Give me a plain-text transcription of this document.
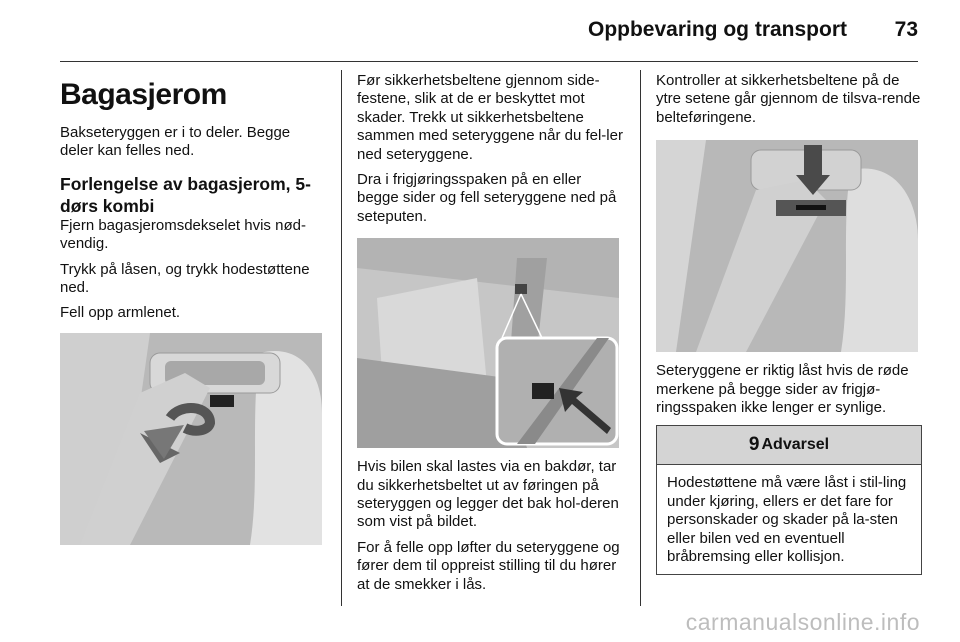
Oppbevaring og transport 73
Bagasjerom

Bakseteryggen er i to deler. Begge deler kan felles ned.

Forlengelse av bagasjerom, 5-dørs kombi

Fjern bagasjeromsdekselet hvis nød-vendig.

Trykk på låsen, og trykk hodestøttene ned.

Fell opp armlenet.

Før sikkerhetsbeltene gjennom side-festene, slik at de er beskyttet mot skader. Trekk ut sikkerhetsbeltene sammen med seteryggene når du fel-ler ned seteryggene.

Dra i frigjøringsspaken på en eller begge sider og fell seteryggene ned på seteputen.

Hvis bilen skal lastes via en bakdør, tar du sikkerhetsbeltet ut av føringen på seteryggen og legger det bak hol-deren som vist på bildet.

For å felle opp løfter du seteryggene og fører dem til oppreist stilling til du hører at de smekker i lås.

Kontroller at sikkerhetsbeltene på de ytre setene går gjennom de tilsva-rende belteføringene.

Seteryggene er riktig låst hvis de røde merkene på begge sider av frigjø-ringsspaken ikke lenger er synlige.

9 Advarsel

Hodestøttene må være låst i stil-ling under kjøring, ellers er det fare for personskader og skader på la-sten eller bilen ved en eventuell bråbremsing eller kollisjon.

carmanualsonline.info
